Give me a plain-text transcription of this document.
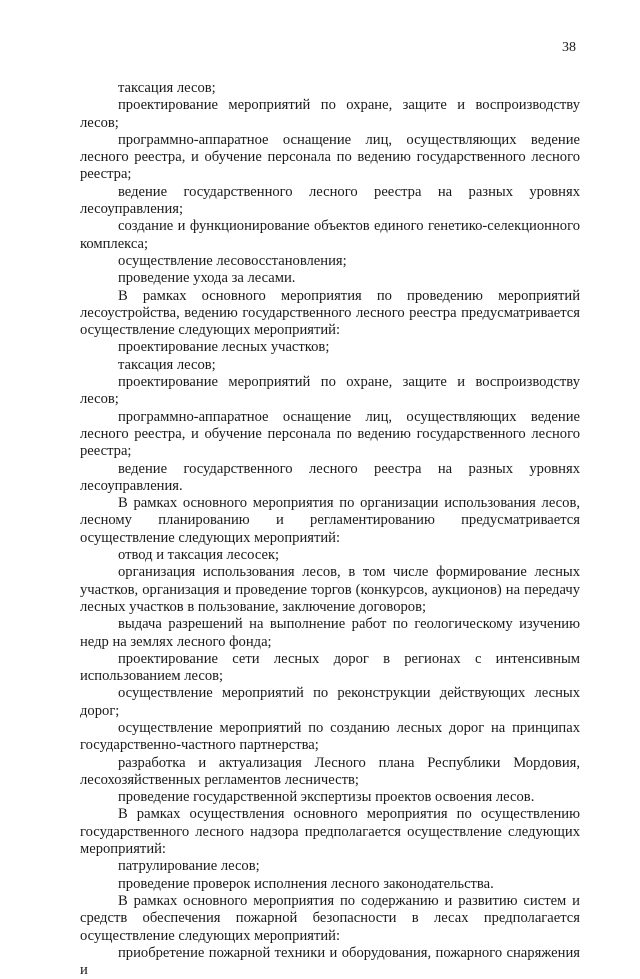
38

таксация лесов;

проектирование мероприятий по охране, защите и воспроизводству лесов;

программно-аппаратное оснащение лиц, осуществляющих ведение лесного реестра, и обучение персонала по ведению государственного лесного реестра;

ведение государственного лесного реестра на разных уровнях лесоуправления;

создание и функционирование объектов единого генетико-селекционного комплекса;

осуществление лесовосстановления;

проведение ухода за лесами.

В рамках основного мероприятия по проведению мероприятий лесоустройства, ведению государственного лесного реестра предусматривается осуществление следующих мероприятий:

проектирование лесных участков;

таксация лесов;

проектирование мероприятий по охране, защите и воспроизводству лесов;

программно-аппаратное оснащение лиц, осуществляющих ведение лесного реестра, и обучение персонала по ведению государственного лесного реестра;

ведение государственного лесного реестра на разных уровнях лесоуправления.

В рамках основного мероприятия по организации использования лесов, лесному планированию и регламентированию предусматривается осуществление следующих мероприятий:

отвод и таксация лесосек;

организация использования лесов, в том числе формирование лесных участков, организация и проведение торгов (конкурсов, аукционов) на передачу лесных участков в пользование, заключение договоров;

выдача разрешений на выполнение работ по геологическому изучению недр на землях лесного фонда;

проектирование сети лесных дорог в регионах с интенсивным использованием лесов;

осуществление мероприятий по реконструкции действующих лесных дорог;

осуществление мероприятий по созданию лесных дорог на принципах государственно-частного партнерства;

разработка и актуализация Лесного плана Республики Мордовия, лесохозяйственных регламентов лесничеств;

проведение государственной экспертизы проектов освоения лесов.

В рамках осуществления основного мероприятия по осуществлению государственного лесного надзора предполагается осуществление следующих мероприятий:

патрулирование лесов;

проведение проверок исполнения лесного законодательства.

В рамках основного мероприятия по содержанию и развитию систем и средств обеспечения пожарной безопасности в лесах предполагается осуществление следующих мероприятий:

приобретение пожарной техники и оборудования, пожарного снаряжения и
